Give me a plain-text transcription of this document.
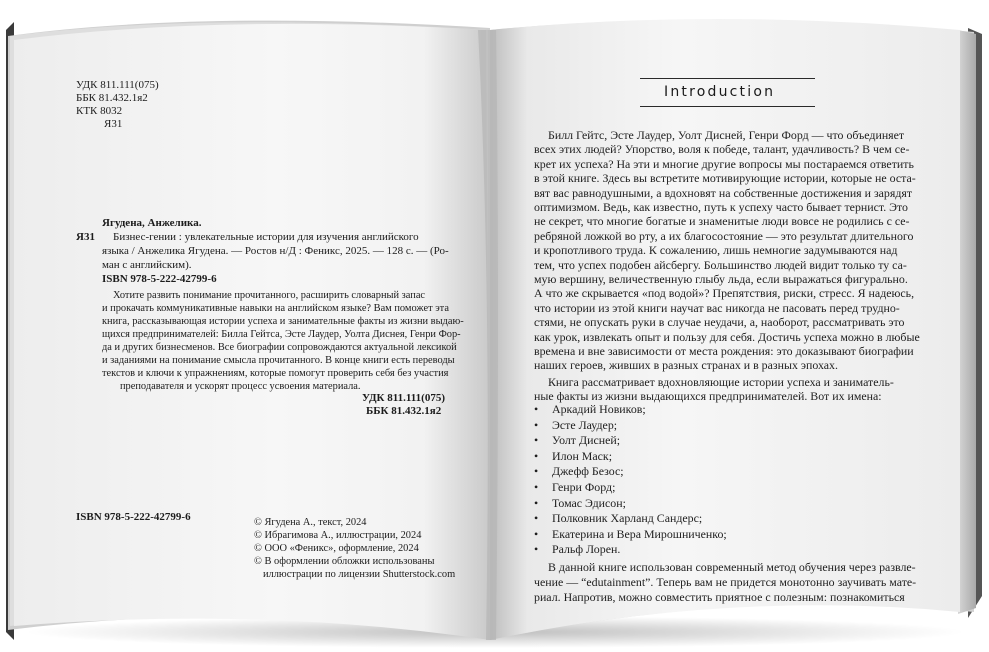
УДК 811.111(075)
ББК 81.432.1я2
КТК 8032
Я31
Я31
Ягудена, Анжелика.
Бизнес-гении : увлекательные истории для изучения английского
языка / Анжелика Ягудена. — Ростов н/Д : Феникс, 2025. — 128 с. — (Ро-
ман с английским).
ISBN 978-5-222-42799-6
Хотите развить понимание прочитанного, расширить словарный запас
и прокачать коммуникативные навыки на английском языке? Вам поможет эта
книга, рассказывающая истории успеха и занимательные факты из жизни выдаю-
щихся предпринимателей: Билла Гейтса, Эсте Лаудер, Уолта Диснея, Генри Фор-
да и других бизнесменов. Все биографии сопровождаются актуальной лексикой
и заданиями на понимание смысла прочитанного. В конце книги есть переводы
текстов и ключи к упражнениям, которые помогут проверить себя без участия
преподавателя и ускорят процесс усвоения материала.
УДК 811.111(075)
ББК 81.432.1я2
ISBN 978-5-222-42799-6	© Ягудена А., текст, 2024
© Ибрагимова А., иллюстрации, 2024
© ООО «Феникс», оформление, 2024
© В оформлении обложки использованы
иллюстрации по лицензии Shutterstock.com
Introduction
Билл Гейтс, Эсте Лаудер, Уолт Дисней, Генри Форд — что объединяет
всех этих людей? Упорство, воля к победе, талант, удачливость? В чем се-
крет их успеха? На эти и многие другие вопросы мы постараемся ответить
в этой книге. Здесь вы встретите мотивирующие истории, которые не оста-
вят вас равнодушными, а вдохновят на собственные достижения и зарядят
оптимизмом. Ведь, как известно, путь к успеху часто бывает тернист. Это
не секрет, что многие богатые и знаменитые люди вовсе не родились с се-
ребряной ложкой во рту, а их благосостояние — это результат длительного
и кропотливого труда. К сожалению, лишь немногие задумываются над
тем, что успех подобен айсбергу. Большинство людей видит только ту са-
мую вершину, величественную глыбу льда, если выражаться фигурально.
А что же скрывается «под водой»? Препятствия, риски, стресс. Я надеюсь,
что истории из этой книги научат вас никогда не пасовать перед трудно-
стями, не опускать руки в случае неудачи, а, наоборот, рассматривать это
как урок, извлекать опыт и пользу для себя. Достичь успеха можно в любые
времена и вне зависимости от места рождения: это доказывают биографии
наших героев, живших в разных странах и в разных эпохах.
Книга рассматривает вдохновляющие истории успеха и заниматель-
ные факты из жизни выдающихся предпринимателей. Вот их имена:
• Аркадий Новиков;
• Эсте Лаудер;
• Уолт Дисней;
• Илон Маск;
• Джефф Безос;
• Генри Форд;
• Томас Эдисон;
• Полковник Харланд Сандерс;
• Екатерина и Вера Мирошниченко;
• Ральф Лорен.
В данной книге использован современный метод обучения через развле-
чение — “edutainment”. Теперь вам не придется монотонно заучивать мате-
риал. Напротив, можно совместить приятное с полезным: познакомиться
